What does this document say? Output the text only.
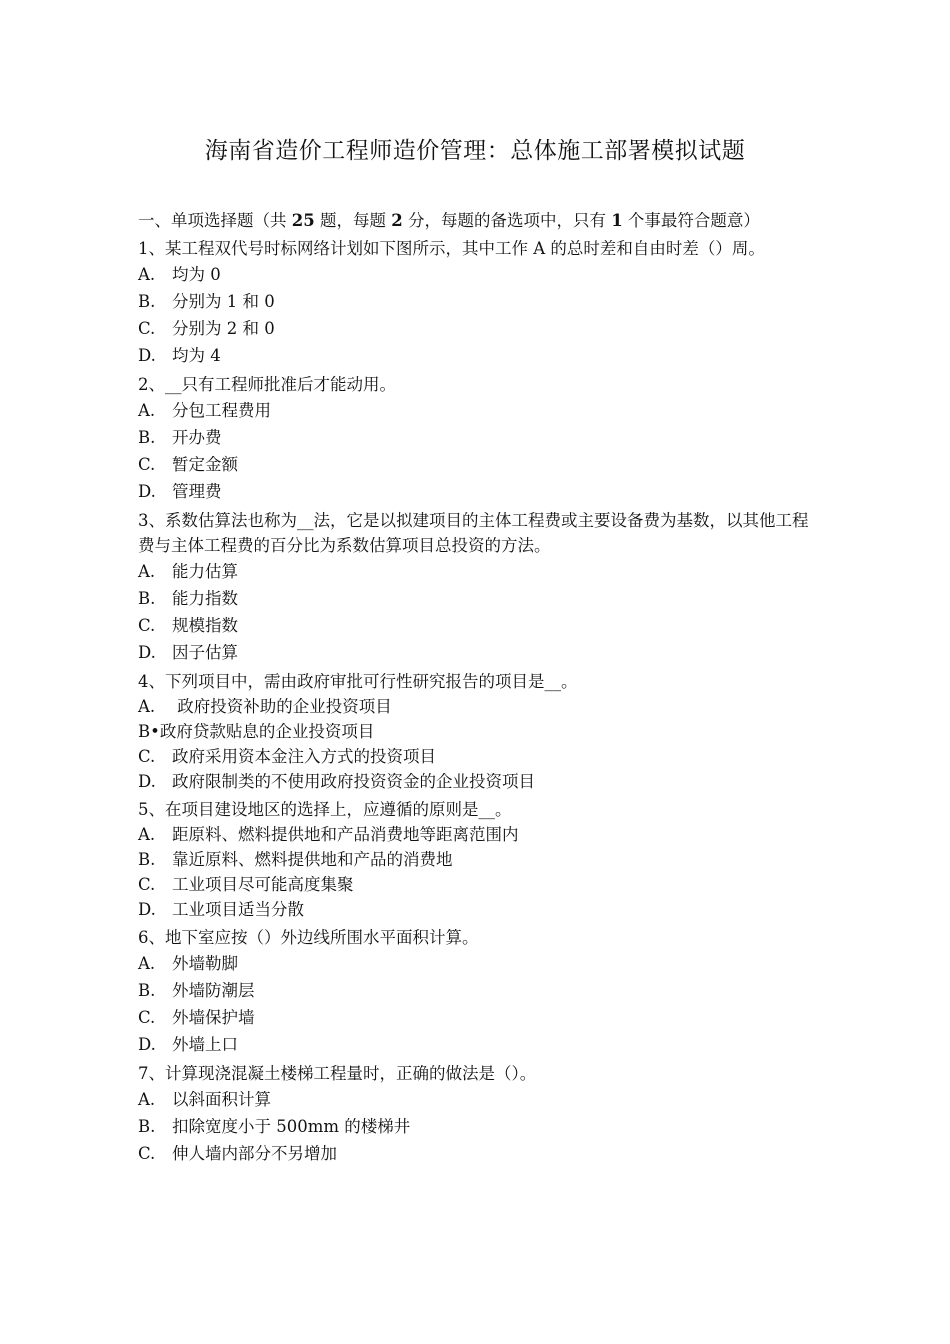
海南省造价工程师造价管理：总体施工部署模拟试题
一、单项选择题（共 25 题，每题 2 分，每题的备选项中，只有 1 个事最符合题意）
1、某工程双代号时标网络计划如下图所示，其中工作 A 的总时差和自由时差（）周。
A. 均为 0
B. 分别为 1 和 0
C. 分别为 2 和 0
D. 均为 4
2、__只有工程师批准后才能动用。
A. 分包工程费用
B. 开办费
C. 暂定金额
D. 管理费
3、系数估算法也称为__法，它是以拟建项目的主体工程费或主要设备费为基数，以其他工程费与主体工程费的百分比为系数估算项目总投资的方法。
A. 能力估算
B. 能力指数
C. 规模指数
D. 因子估算
4、下列项目中，需由政府审批可行性研究报告的项目是__。
A. 政府投资补助的企业投资项目
B•政府贷款贴息的企业投资项目
C. 政府采用资本金注入方式的投资项目
D. 政府限制类的不使用政府投资资金的企业投资项目
5、在项目建设地区的选择上，应遵循的原则是__。
A. 距原料、燃料提供地和产品消费地等距离范围内
B. 靠近原料、燃料提供地和产品的消费地
C. 工业项目尽可能高度集聚
D. 工业项目适当分散
6、地下室应按（）外边线所围水平面积计算。
A. 外墙勒脚
B. 外墙防潮层
C. 外墙保护墙
D. 外墙上口
7、计算现浇混凝土楼梯工程量时，正确的做法是（）。
A. 以斜面积计算
B. 扣除宽度小于 500mm 的楼梯井
C. 伸人墙内部分不另增加
